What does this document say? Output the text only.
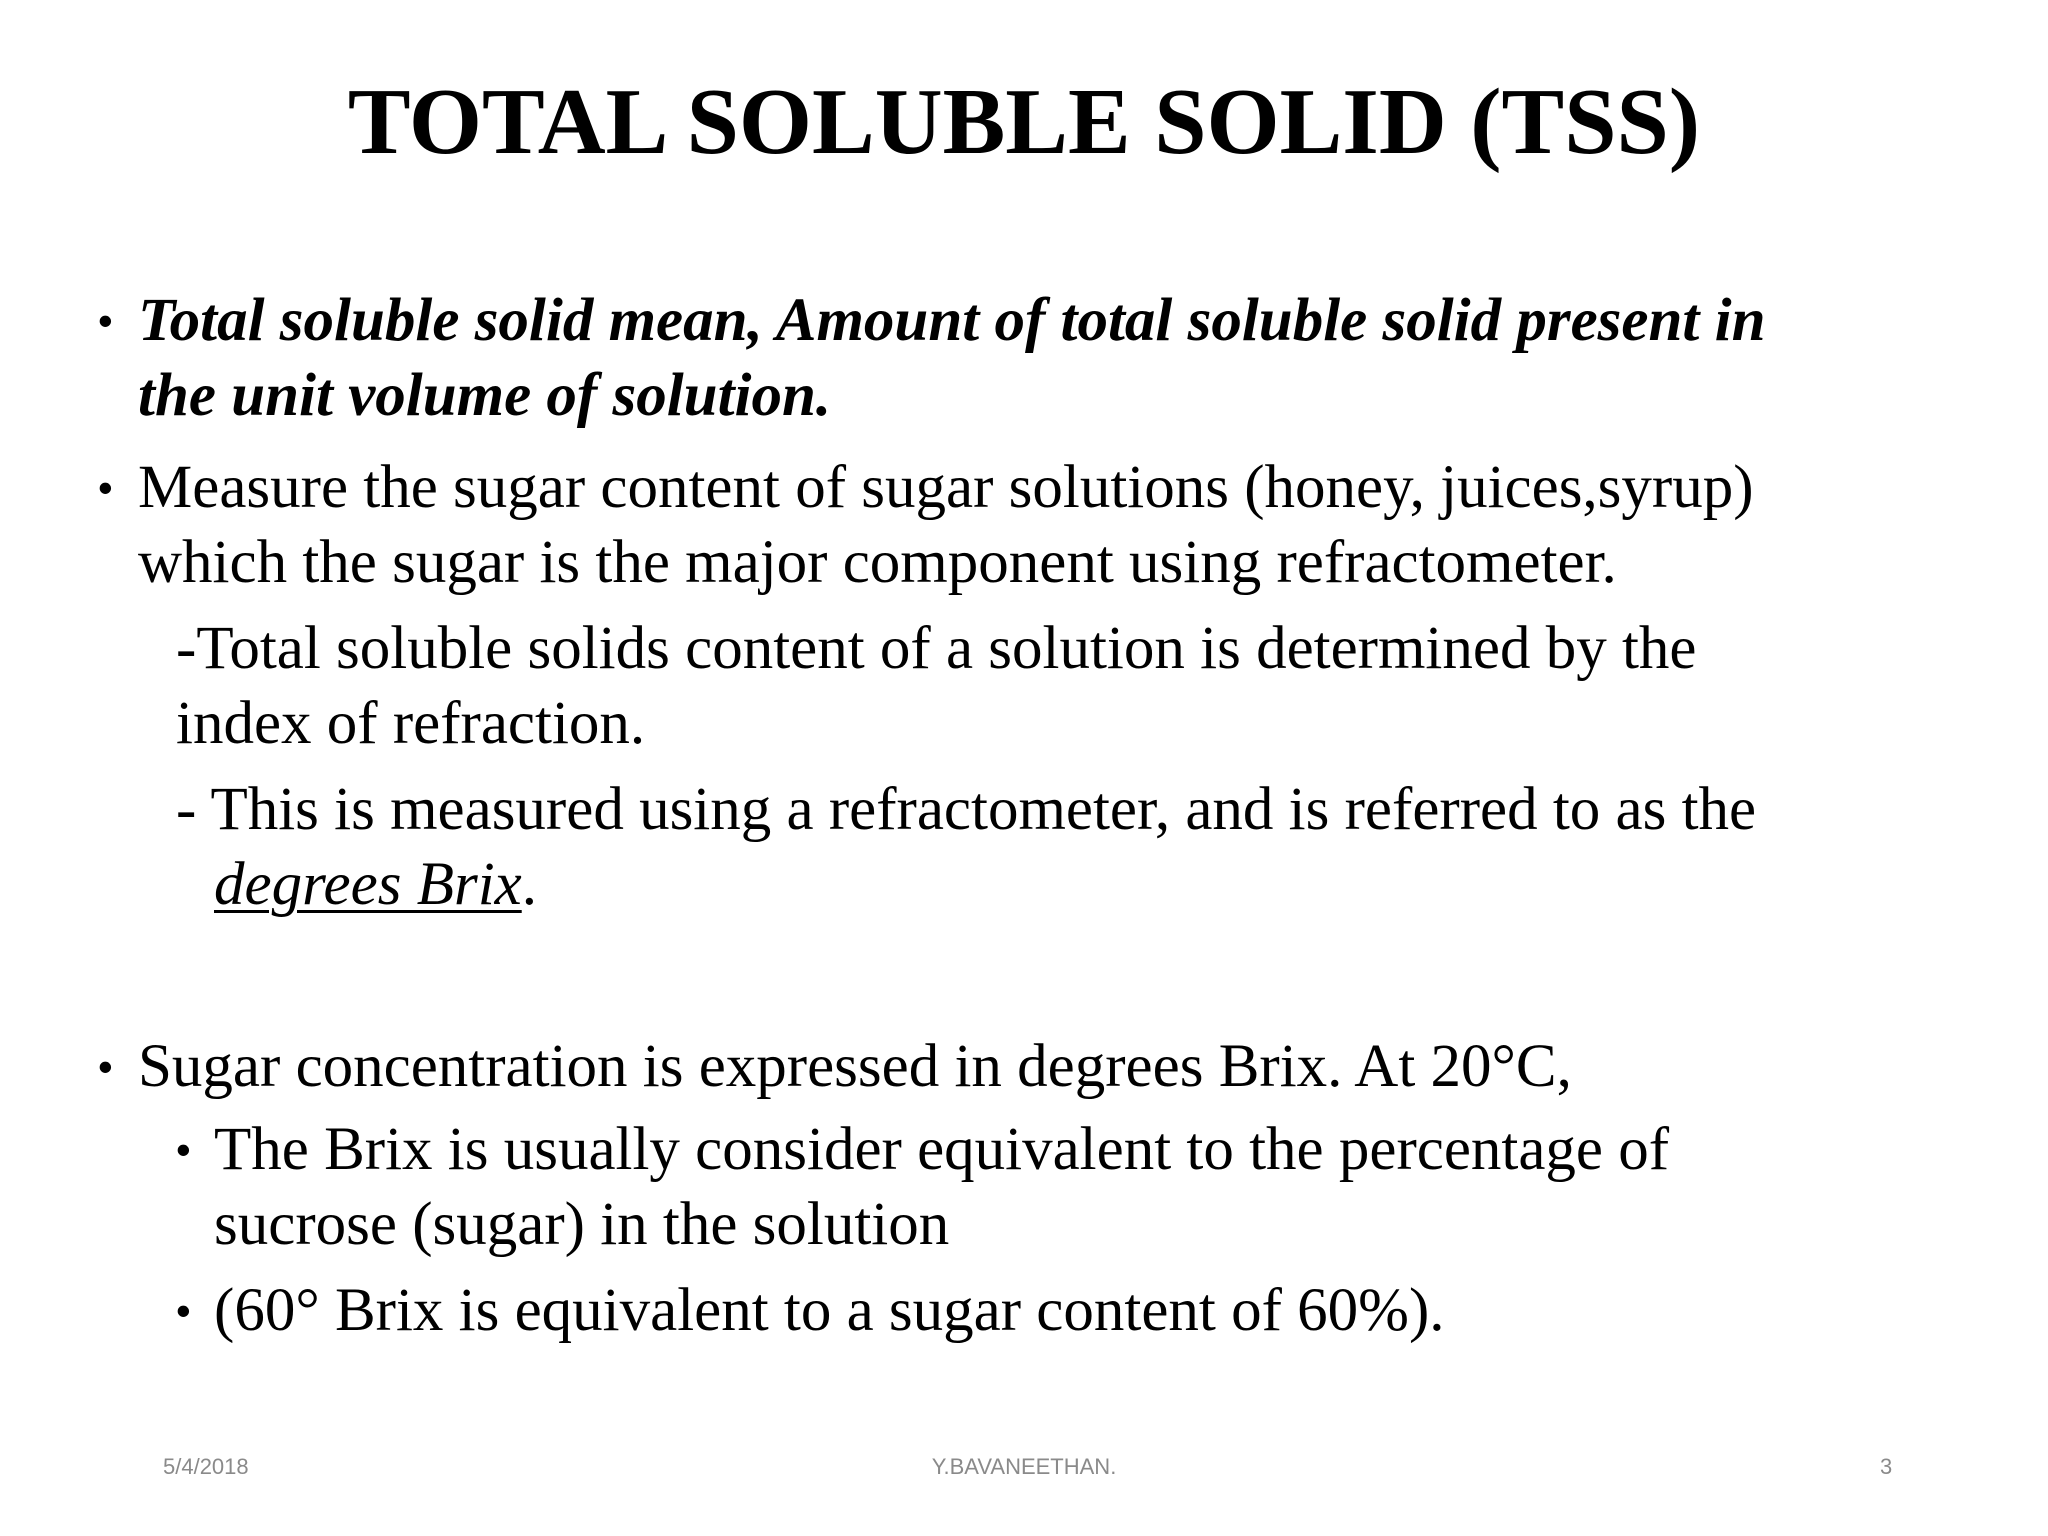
TOTAL SOLUBLE SOLID (TSS)
• Total soluble solid mean, Amount of total soluble solid present in
the unit volume of solution.
• Measure the sugar content of sugar solutions (honey, juices,syrup)
which the sugar is the major component using refractometer.
-Total soluble solids content of a solution is determined by the
index of refraction.
- This is measured using a refractometer, and is referred to as the
degrees Brix.
• Sugar concentration is expressed in degrees Brix. At 20°C,
• The Brix is usually consider equivalent to the percentage of
sucrose (sugar) in the solution
• (60° Brix is equivalent to a sugar content of 60%).
5/4/2018	Y.BAVANEETHAN.	3
